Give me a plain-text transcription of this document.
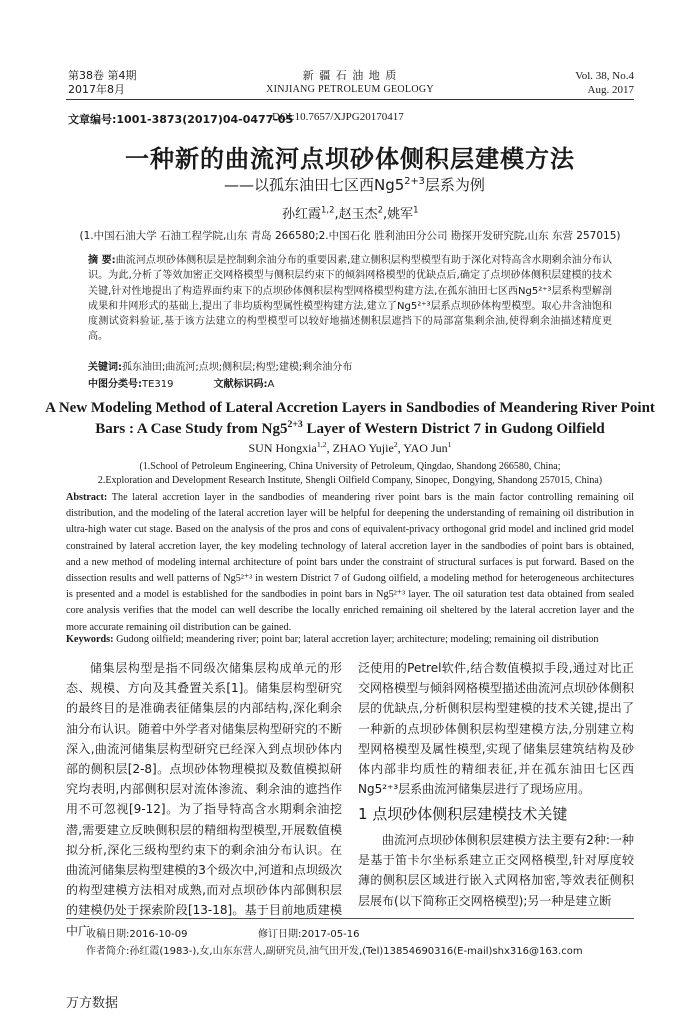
第38卷 第4期
2017年8月
新 疆 石 油 地 质
XINJIANG PETROLEUM GEOLOGY
Vol. 38, No.4
Aug. 2017
文章编号:1001-3873(2017)04-0477-05
DOI:10.7657/XJPG20170417
一种新的曲流河点坝砂体侧积层建模方法
——以孤东油田七区西$Ng5^{2+3}$层系为例
孙红霞$^{1,2}$,赵玉杰$^2$,姚军$^1$
(1.中国石油大学 石油工程学院,山东 青岛 266580;2.中国石化 胜利油田分公司 勘探开发研究院,山东 东营 257015)
摘 要:曲流河点坝砂体侧积层是控制剩余油分布的重要因素,建立侧积层构型模型有助于深化对特高含水期剩余油分布认识。为此,分析了等效加密正交网格模型与侧积层约束下的倾斜网格模型的优缺点后,确定了点坝砂体侧积层建模的技术关键,针对性地提出了构造界面约束下的点坝砂体侧积层构型网格模型构建方法,在孤东油田七区西Ng5²⁺³层系构型解剖成果和井网形式的基础上,提出了非均质构型属性模型构建方法,建立了Ng5²⁺³层系点坝砂体构型模型。取心井含油饱和度测试资料验证,基于该方法建立的构型模型可以较好地描述侧积层遮挡下的局部富集剩余油,使得剩余油描述精度更高。
关键词:孤东油田;曲流河;点坝;侧积层;构型;建模;剩余油分布
中图分类号:TE319	文献标识码:A
A New Modeling Method of Lateral Accretion Layers in Sandbodies of Meandering River Point
Bars : A Case Study from $Ng5^{2+3}$ Layer of Western District 7 in Gudong Oilfield
SUN Hongxia$^{1,2}$, ZHAO Yujie$^2$, YAO Jun$^1$
(1.School of Petroleum Engineering, China University of Petroleum, Qingdao, Shandong 266580, China;
2.Exploration and Development Research Institute, Shengli Oilfield Company, Sinopec, Dongying, Shandong 257015, China)
Abstract: The lateral accretion layer in the sandbodies of meandering river point bars is the main factor controlling remaining oil distribution, and the modeling of the lateral accretion layer will be helpful for deepening the understanding of remaining oil distribution in ultra-high water cut stage. Based on the analysis of the pros and cons of equivalent-privacy orthogonal grid model and inclined grid model constrained by lateral accretion layer, the key modeling technology of lateral accretion layer in the sandbodies of point bars is obtained, and a new method of modeling internal architecture of point bars under the constraint of structural surfaces is put forward. Based on the dissection results and well patterns of Ng5²⁺³ in western District 7 of Gudong oilfield, a modeling method for heterogeneous architectures is presented and a model is established for the sandbodies in point bars in Ng5²⁺³ layer. The oil saturation test data obtained from sealed core analysis verifies that the model can well describe the locally enriched remaining oil sheltered by the lateral accretion layer and the more accurate remaining oil distribution can be gained.
Keywords: Gudong oilfield; meandering river; point bar; lateral accretion layer; architecture; modeling; remaining oil distribution
储集层构型是指不同级次储集层构成单元的形态、规模、方向及其叠置关系[1]。储集层构型研究的最终目的是准确表征储集层的内部结构,深化剩余油分布认识。随着中外学者对储集层构型研究的不断深入,曲流河储集层构型研究已经深入到点坝砂体内部的侧积层[2-8]。点坝砂体物理模拟及数值模拟研究均表明,内部侧积层对流体渗流、剩余油的遮挡作用不可忽视[9-12]。为了指导特高含水期剩余油挖潜,需要建立反映侧积层的精细构型模型,开展数值模拟分析,深化三级构型约束下的剩余油分布认识。在曲流河储集层构型建模的3个级次中,河道和点坝级次的构型建模方法相对成熟,而对点坝砂体内部侧积层的建模仍处于探索阶段[13-18]。基于目前地质建模中广
泛使用的Petrel软件,结合数值模拟手段,通过对比正交网格模型与倾斜网格模型描述曲流河点坝砂体侧积层的优缺点,分析侧积层构型建模的技术关键,提出了一种新的点坝砂体侧积层构型建模方法,分别建立构型网格模型及属性模型,实现了储集层建筑结构及砂体内部非均质性的精细表征,并在孤东油田七区西Ng5²⁺³层系曲流河储集层进行了现场应用。
1 点坝砂体侧积层建模技术关键
曲流河点坝砂体侧积层建模方法主要有2种:一种是基于笛卡尔坐标系建立正交网格模型,针对厚度较薄的侧积层区域进行嵌入式网格加密,等效表征侧积层展布(以下简称正交网格模型);另一种是建立断
收稿日期:2016-10-09	修订日期:2017-05-16
作者简介:孙红霞(1983-),女,山东东营人,副研究员,油气田开发,(Tel)13854690316(E-mail)shx316@163.com
万方数据
